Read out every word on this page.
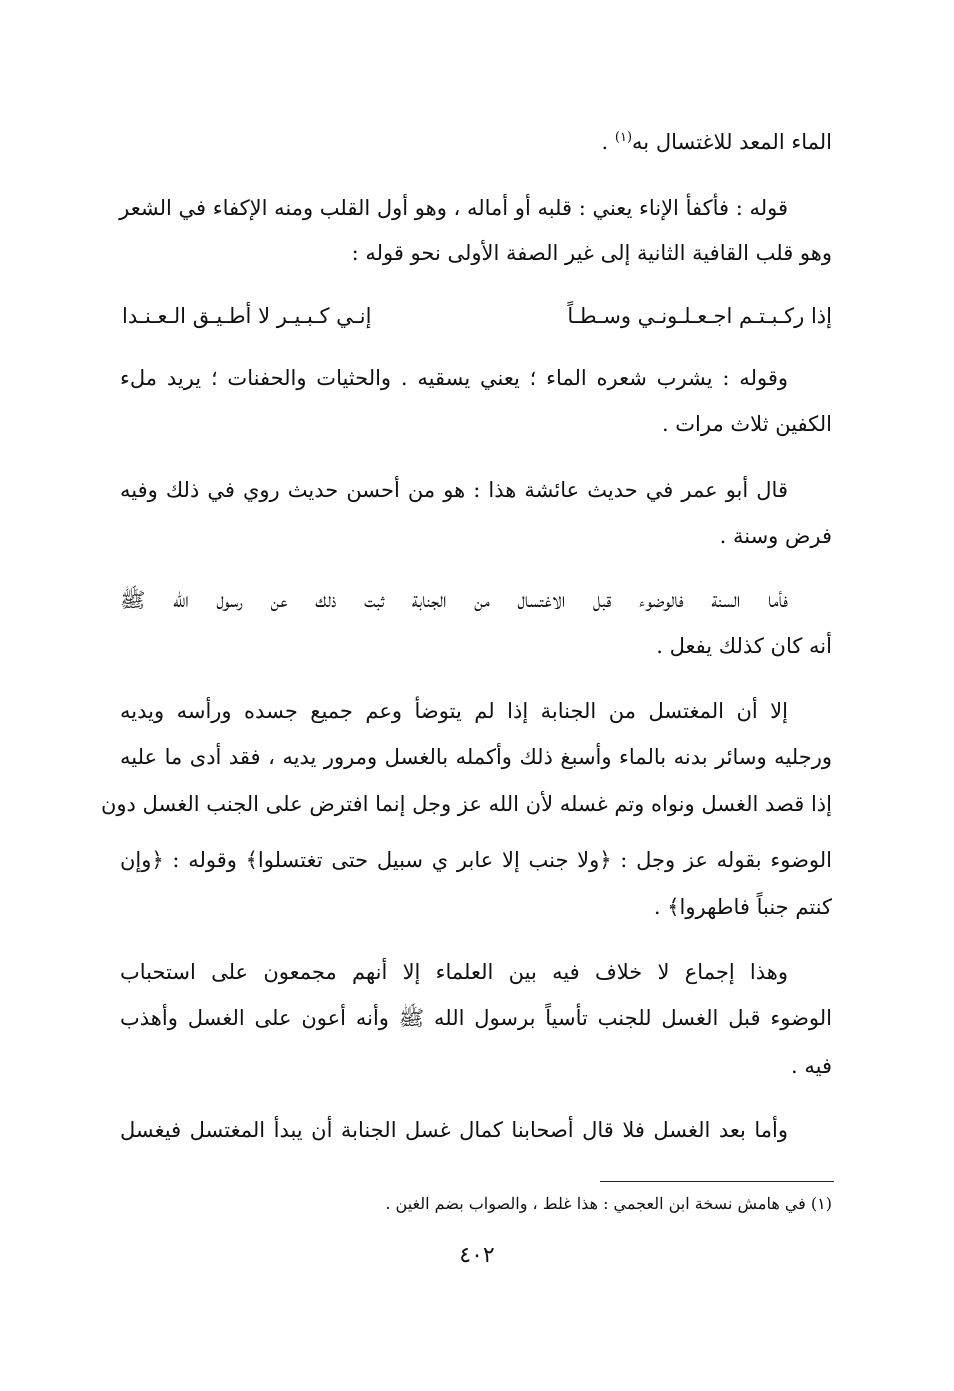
الماء المعد للاغتسال به$^{(١)}$ .
قوله : فأكفأ الإناء يعني : قلبه أو أماله ، وهو أول القلب ومنه الإكفاء في الشعر
وهو قلب القافية الثانية إلى غير الصفة الأولى نحو قوله :
إذا ركـبـتـم اجـعـلـونـي وسـطـاً
إنـي كـبـيـر لا أطـيـق الـعـنـدا
وقوله : يشرب شعره الماء ؛ يعني يسقيه . والحثيات والحفنات ؛ يريد ملء
الكفين ثلاث مرات .
قال أبو عمر في حديث عائشة هذا : هو من أحسن حديث روي في ذلك وفيه
فرض وسنة .
فأما السنة فالوضوء قبل الاغتسال من الجنابة ثبت ذلك عن رسول الله ﷺ
أنه كان كذلك يفعل .
إلا أن المغتسل من الجنابة إذا لم يتوضأ وعم جميع جسده ورأسه ويديه
ورجليه وسائر بدنه بالماء وأسبغ ذلك وأكمله بالغسل ومرور يديه ، فقد أدى ما عليه
إذا قصد الغسل ونواه وتم غسله لأن الله عز وجل إنما افترض على الجنب الغسل دون
الوضوء بقوله عز وجل : ﴿ولا جنب إلا عابر ي سبيل حتى تغتسلوا﴾ وقوله : ﴿وإن
كنتم جنباً فاطهروا﴾ .
وهذا إجماع لا خلاف فيه بين العلماء إلا أنهم مجمعون على استحباب
الوضوء قبل الغسل للجنب تأسياً برسول الله ﷺ وأنه أعون على الغسل وأهذب
فيه .
وأما بعد الغسل فلا قال أصحابنا كمال غسل الجنابة أن يبدأ المغتسل فيغسل
(١) في هامش نسخة ابن العجمي : هذا غلط ، والصواب بضم الغين .
٤٠٢
